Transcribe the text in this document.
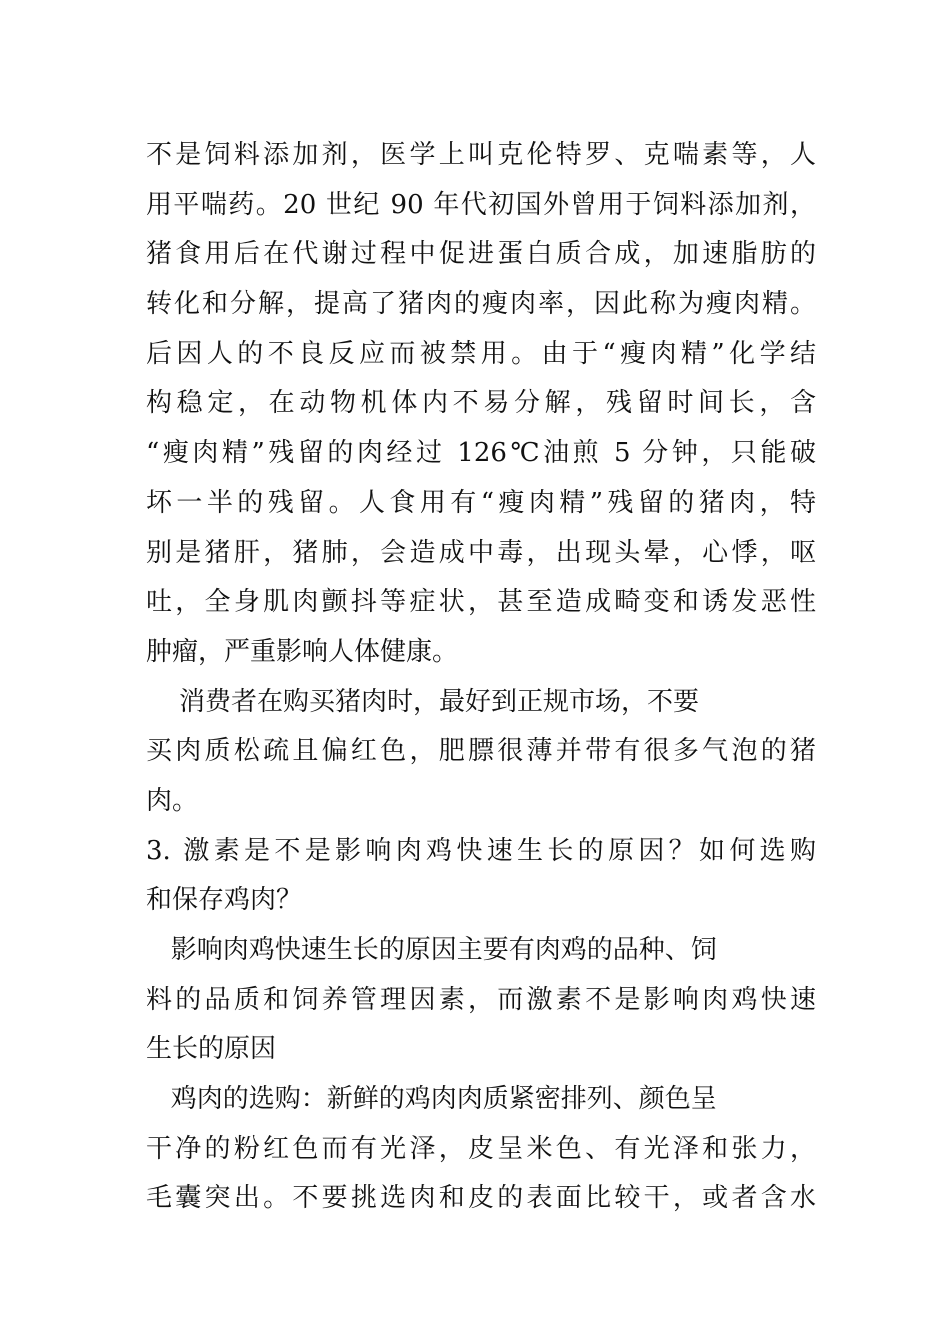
不是饲料添加剂，医学上叫克伦特罗、克喘素等，人
用平喘药。20 世纪 90 年代初国外曾用于饲料添加剂，
猪食用后在代谢过程中促进蛋白质合成，加速脂肪的
转化和分解，提高了猪肉的瘦肉率，因此称为瘦肉精。
后因人的不良反应而被禁用。由于“瘦肉精”化学结
构稳定，在动物机体内不易分解，残留时间长，含
“瘦肉精”残留的肉经过 126℃油煎 5 分钟，只能破
坏一半的残留。人食用有“瘦肉精”残留的猪肉，特
别是猪肝，猪肺，会造成中毒，出现头晕，心悸，呕
吐，全身肌肉颤抖等症状，甚至造成畸变和诱发恶性
肿瘤，严重影响人体健康。
消费者在购买猪肉时，最好到正规市场，不要
买肉质松疏且偏红色，肥膘很薄并带有很多气泡的猪
肉。
3. 激素是不是影响肉鸡快速生长的原因？如何选购
和保存鸡肉？
影响肉鸡快速生长的原因主要有肉鸡的品种、饲
料的品质和饲养管理因素，而激素不是影响肉鸡快速
生长的原因
鸡肉的选购：新鲜的鸡肉肉质紧密排列、颜色呈
干净的粉红色而有光泽，皮呈米色、有光泽和张力，
毛囊突出。不要挑选肉和皮的表面比较干，或者含水
